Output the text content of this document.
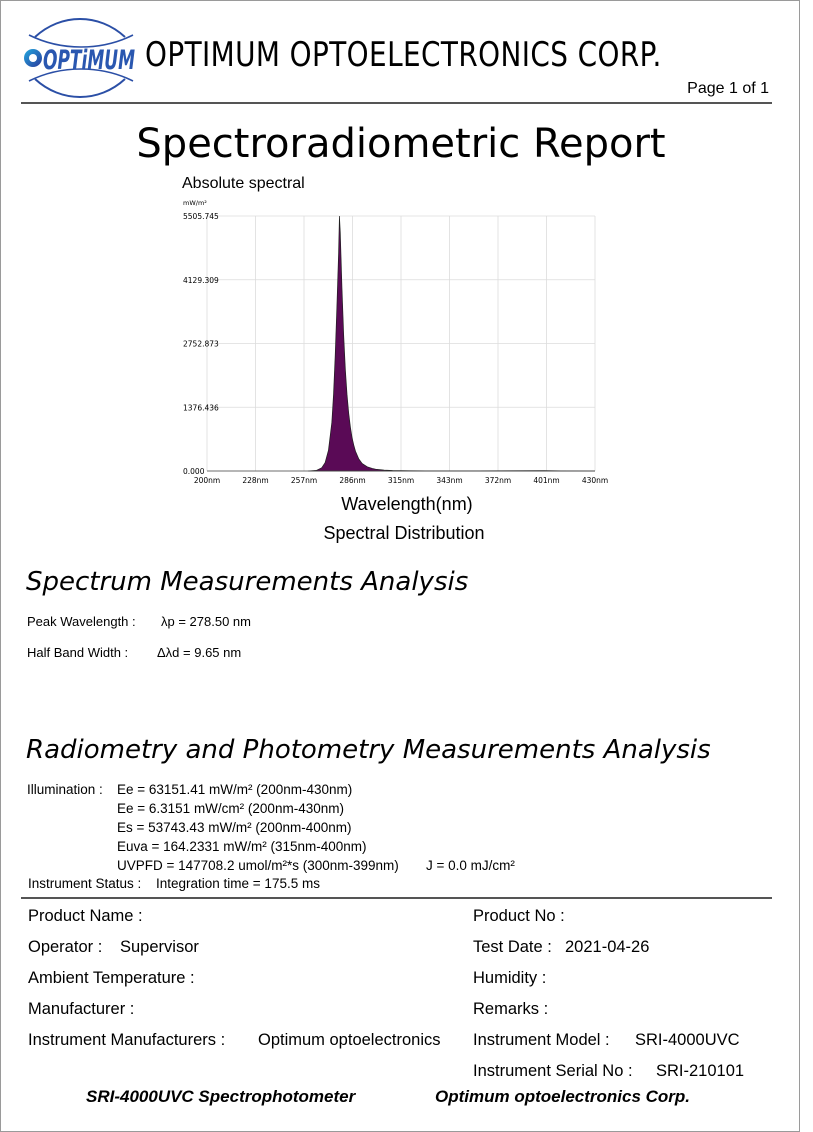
OPTiMUM OPTIMUM OPTOELECTRONICS CORP.
Page 1 of 1
Spectroradiometric Report
Absolute spectral
200nm	228nm	257nm	286nm	315nm	343nm	372nm	401nm	430nm
0.000
1376.436
2752.873
4129.309
5505.745
mW/m²
Wavelength(nm)
Spectral Distribution
Spectrum Measurements Analysis
Peak Wavelength : λp = 278.50 nm
Half Band Width : Δλd = 9.65 nm
Radiometry and Photometry Measurements Analysis
Illumination : Ee = 63151.41 mW/m² (200nm-430nm)
Ee = 6.3151 mW/cm² (200nm-430nm)
Es = 53743.43 mW/m² (200nm-400nm)
Euva = 164.2331 mW/m² (315nm-400nm)
UVPFD = 147708.2 umol/m²*s (300nm-399nm) J = 0.0 mJ/cm²
Instrument Status : Integration time = 175.5 ms
Product Name :	Product No :
Operator : Supervisor	Test Date : 2021-04-26
Ambient Temperature :	Humidity :
Manufacturer :	Remarks :
Instrument Manufacturers : Optimum optoelectronics Instrument Model : SRI-4000UVC
Instrument Serial No : SRI-210101
SRI-4000UVC Spectrophotometer	Optimum optoelectronics Corp.
